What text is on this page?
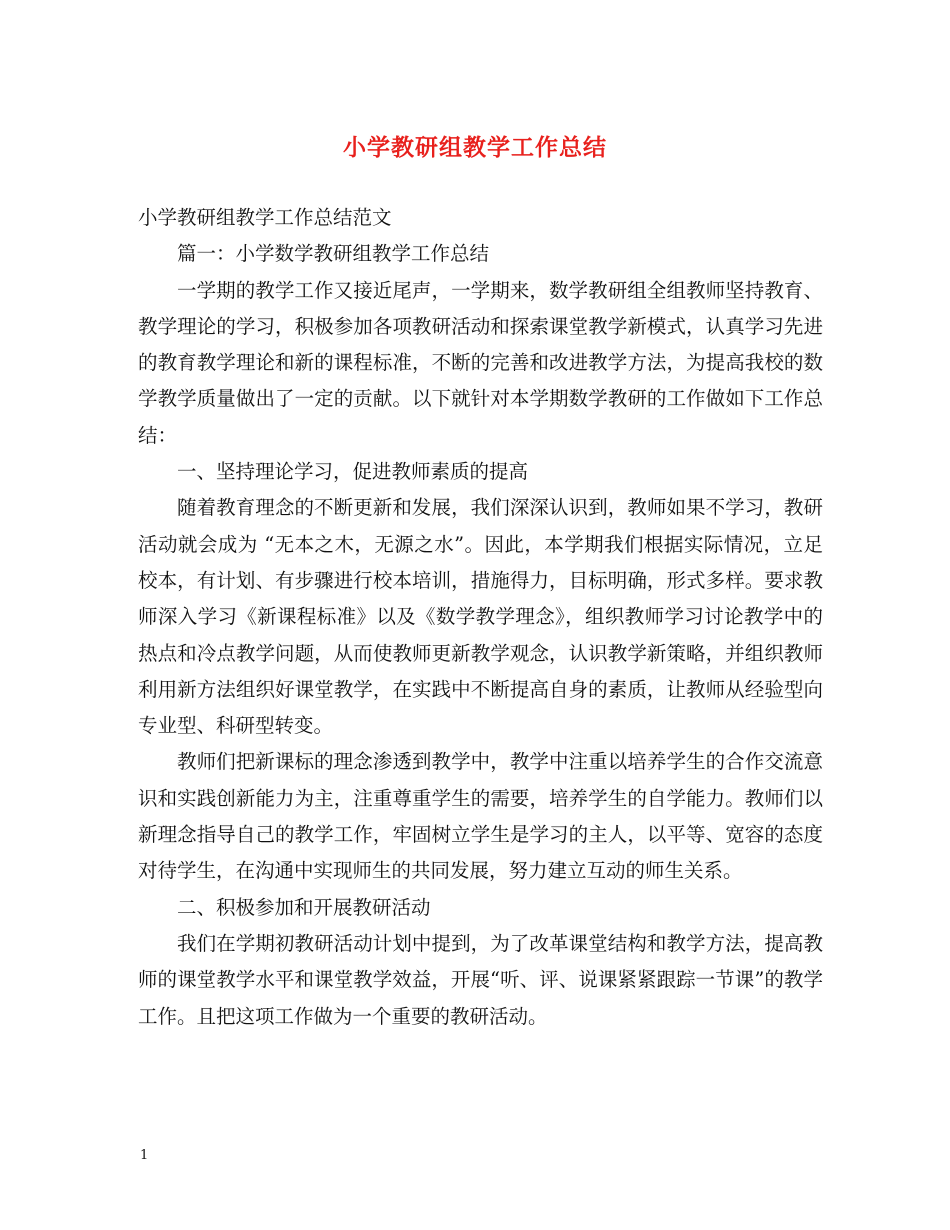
小学教研组教学工作总结

小学教研组教学工作总结范文

篇一：小学数学教研组教学工作总结

一学期的教学工作又接近尾声，一学期来，数学教研组全组教师坚持教育、教学理论的学习，积极参加各项教研活动和探索课堂教学新模式，认真学习先进的教育教学理论和新的课程标准，不断的完善和改进教学方法，为提高我校的数学教学质量做出了一定的贡献。以下就针对本学期数学教研的工作做如下工作总结：

一、坚持理论学习，促进教师素质的提高

随着教育理念的不断更新和发展，我们深深认识到，教师如果不学习，教研活动就会成为 “无本之木，无源之水”。因此，本学期我们根据实际情况，立足校本，有计划、有步骤进行校本培训，措施得力，目标明确，形式多样。要求教师深入学习《新课程标准》以及《数学教学理念》，组织教师学习讨论教学中的热点和冷点教学问题，从而使教师更新教学观念，认识教学新策略，并组织教师利用新方法组织好课堂教学，在实践中不断提高自身的素质，让教师从经验型向专业型、科研型转变。

教师们把新课标的理念渗透到教学中，教学中注重以培养学生的合作交流意识和实践创新能力为主，注重尊重学生的需要，培养学生的自学能力。教师们以新理念指导自己的教学工作，牢固树立学生是学习的主人，以平等、宽容的态度对待学生，在沟通中实现师生的共同发展，努力建立互动的师生关系。

二、积极参加和开展教研活动

我们在学期初教研活动计划中提到，为了改革课堂结构和教学方法，提高教师的课堂教学水平和课堂教学效益，开展“听、评、说课紧紧跟踪一节课”的教学工作。且把这项工作做为一个重要的教研活动。

1
